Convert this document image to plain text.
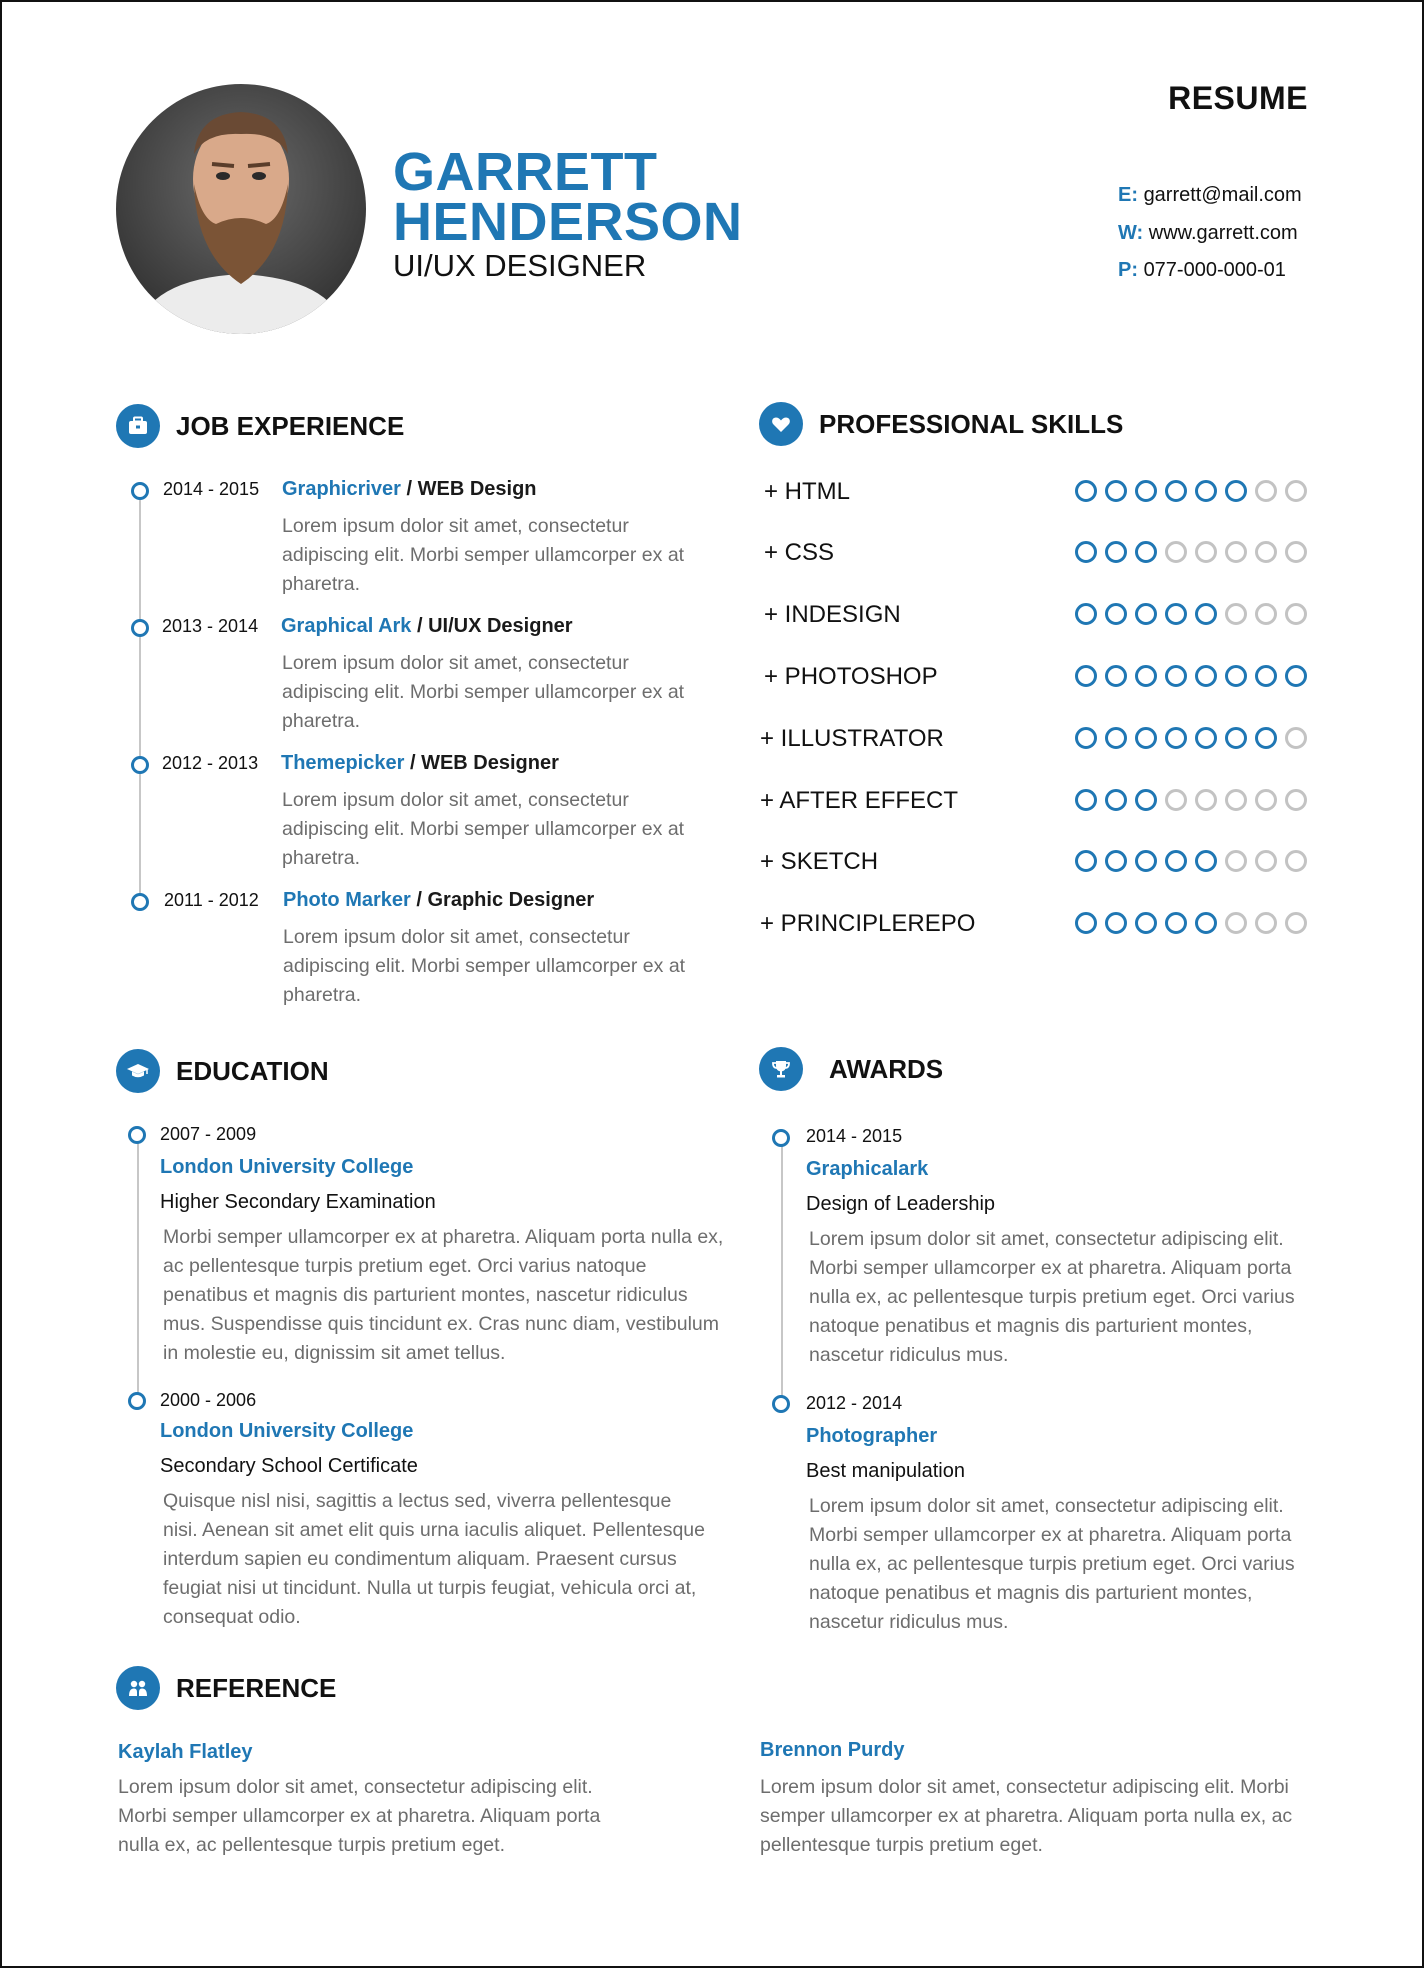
GARRETT
HENDERSON
UI/UX DESIGNER
RESUME
E: garrett@mail.com
W: www.garrett.com
P: 077-000-000-01
JOB EXPERIENCE
2014 - 2015 Graphicriver / WEB Design
Lorem ipsum dolor sit amet, consectetur adipiscing elit. Morbi semper ullamcorper ex at pharetra.
2013 - 2014 Graphical Ark / UI/UX Designer
Lorem ipsum dolor sit amet, consectetur adipiscing elit. Morbi semper ullamcorper ex at pharetra.
2012 - 2013 Themepicker / WEB Designer
Lorem ipsum dolor sit amet, consectetur adipiscing elit. Morbi semper ullamcorper ex at pharetra.
2011 - 2012 Photo Marker / Graphic Designer
Lorem ipsum dolor sit amet, consectetur adipiscing elit. Morbi semper ullamcorper ex at pharetra.
PROFESSIONAL SKILLS
+ HTML
+ CSS
+ INDESIGN
+ PHOTOSHOP
+ ILLUSTRATOR
+ AFTER EFFECT
+ SKETCH
+ PRINCIPLEREPO
EDUCATION
2007 - 2009
London University College
Higher Secondary Examination
Morbi semper ullamcorper ex at pharetra. Aliquam porta nulla ex, ac pellentesque turpis pretium eget. Orci varius natoque penatibus et magnis dis parturient montes, nascetur ridiculus mus. Suspendisse quis tincidunt ex. Cras nunc diam, vestibulum in molestie eu, dignissim sit amet tellus.
2000 - 2006
London University College
Secondary School Certificate
Quisque nisl nisi, sagittis a lectus sed, viverra pellentesque nisi. Aenean sit amet elit quis urna iaculis aliquet. Pellentesque interdum sapien eu condimentum aliquam. Praesent cursus feugiat nisi ut tincidunt. Nulla ut turpis feugiat, vehicula orci at, consequat odio.
AWARDS
2014 - 2015
Graphicalark
Design of Leadership
Lorem ipsum dolor sit amet, consectetur adipiscing elit. Morbi semper ullamcorper ex at pharetra. Aliquam porta nulla ex, ac pellentesque turpis pretium eget. Orci varius natoque penatibus et magnis dis parturient montes, nascetur ridiculus mus.
2012 - 2014
Photographer
Best manipulation
Lorem ipsum dolor sit amet, consectetur adipiscing elit. Morbi semper ullamcorper ex at pharetra. Aliquam porta nulla ex, ac pellentesque turpis pretium eget. Orci varius natoque penatibus et magnis dis parturient montes, nascetur ridiculus mus.
REFERENCE
Kaylah Flatley
Lorem ipsum dolor sit amet, consectetur adipiscing elit. Morbi semper ullamcorper ex at pharetra. Aliquam porta nulla ex, ac pellentesque turpis pretium eget.
Brennon Purdy
Lorem ipsum dolor sit amet, consectetur adipiscing elit. Morbi semper ullamcorper ex at pharetra. Aliquam porta nulla ex, ac pellentesque turpis pretium eget.
